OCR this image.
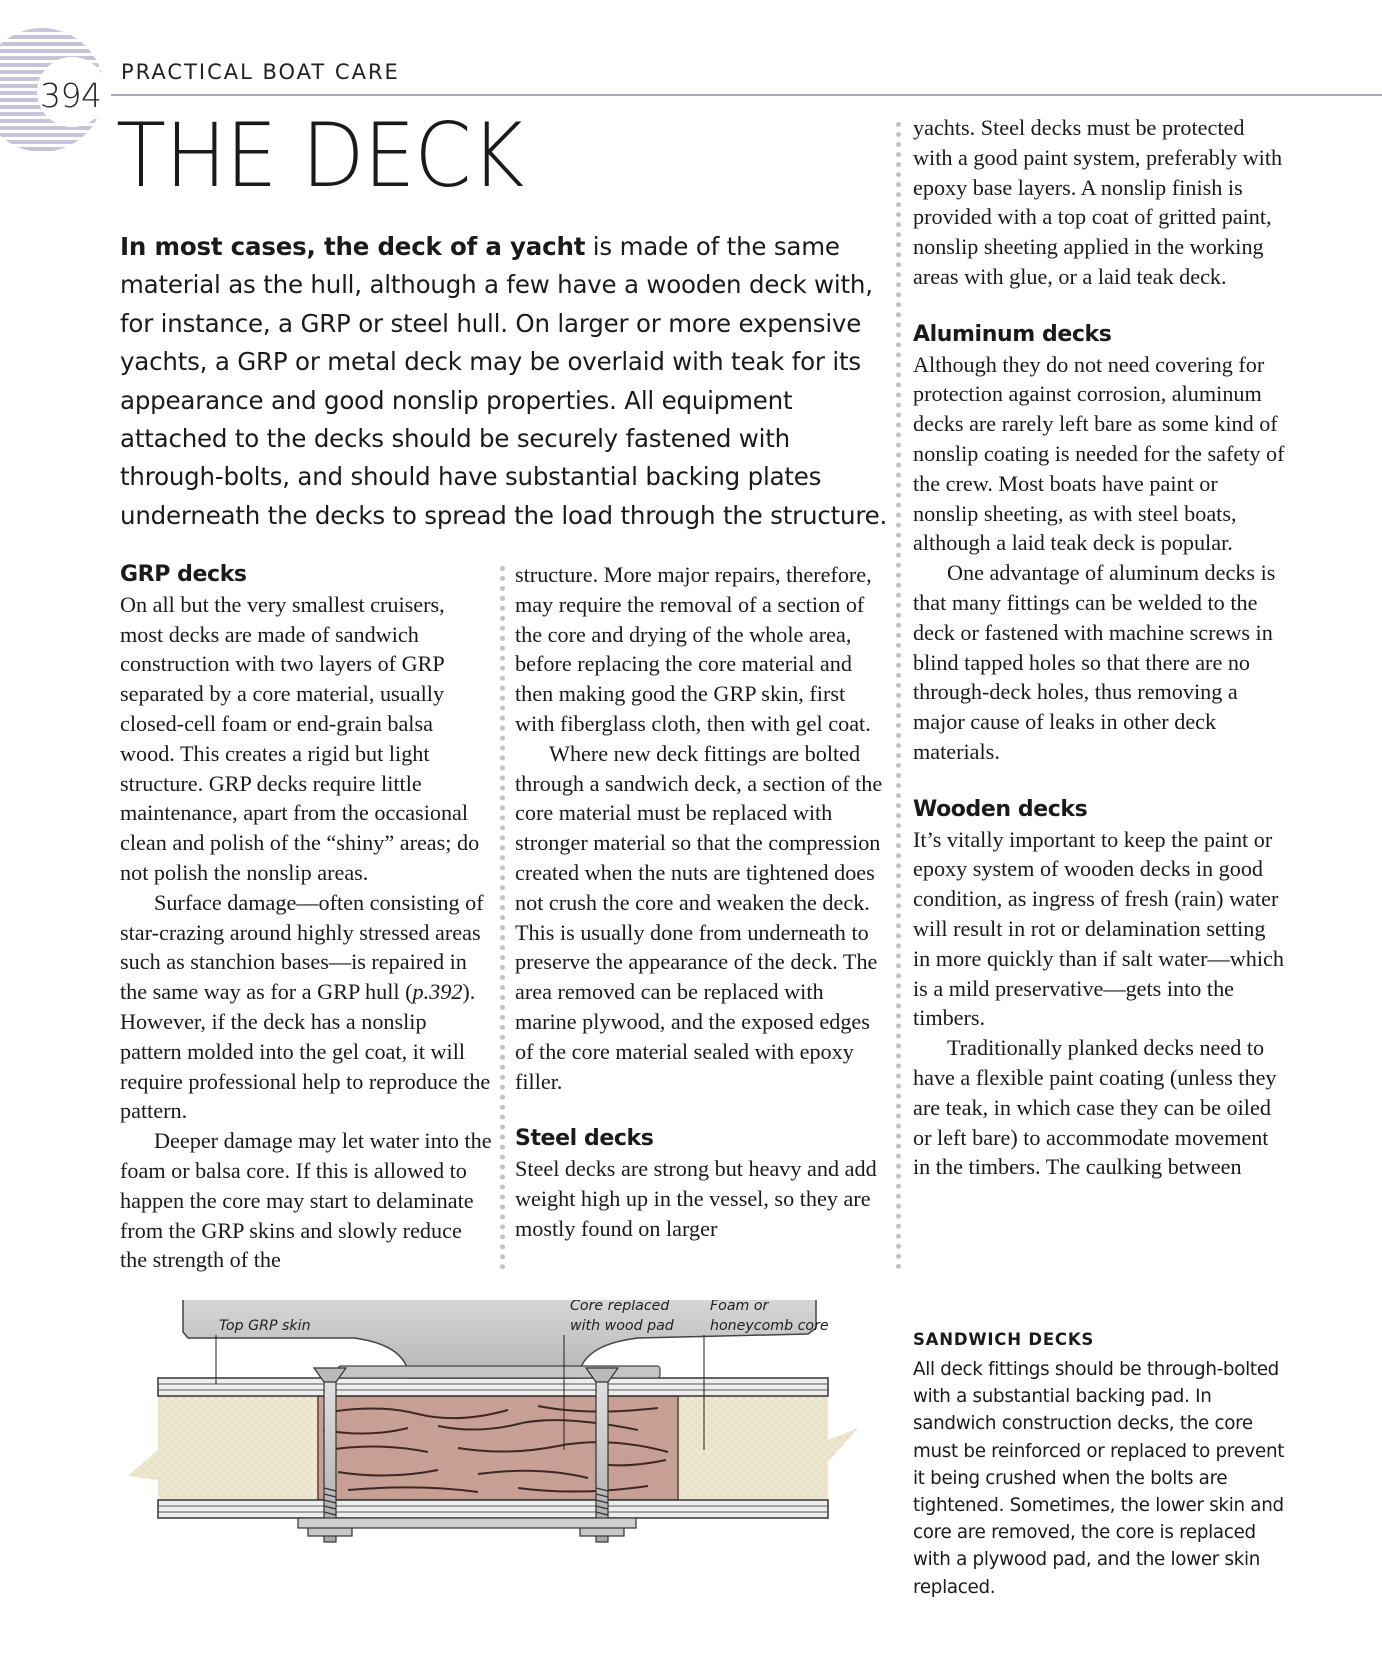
394
PRACTICAL BOAT CARE
THE DECK
In most cases, the deck of a yacht is made of the same material as the hull, although a few have a wooden deck with, for instance, a GRP or steel hull. On larger or more expensive yachts, a GRP or metal deck may be overlaid with teak for its appearance and good nonslip properties. All equipment attached to the decks should be securely fastened with through-bolts, and should have substantial backing plates underneath the decks to spread the load through the structure.
GRP decks

On all but the very smallest cruisers, most decks are made of sandwich construction with two layers of GRP separated by a core material, usually closed-cell foam or end-grain balsa wood. This creates a rigid but light structure. GRP decks require little maintenance, apart from the occasional clean and polish of the “shiny” areas; do not polish the nonslip areas.

Surface damage—often consisting of star-crazing around highly stressed areas such as stanchion bases—is repaired in the same way as for a GRP hull (p.392). However, if the deck has a nonslip pattern molded into the gel coat, it will require professional help to reproduce the pattern.

Deeper damage may let water into the foam or balsa core. If this is allowed to happen the core may start to delaminate from the GRP skins and slowly reduce the strength of the

structure. More major repairs, therefore, may require the removal of a section of the core and drying of the whole area, before replacing the core material and then making good the GRP skin, first with fiberglass cloth, then with gel coat.

Where new deck fittings are bolted through a sandwich deck, a section of the core material must be replaced with stronger material so that the compression created when the nuts are tightened does not crush the core and weaken the deck. This is usually done from underneath to preserve the appearance of the deck. The area removed can be replaced with marine plywood, and the exposed edges of the core material sealed with epoxy filler.

Steel decks

Steel decks are strong but heavy and add weight high up in the vessel, so they are mostly found on larger

yachts. Steel decks must be protected with a good paint system, preferably with epoxy base layers. A nonslip finish is provided with a top coat of gritted paint, nonslip sheeting applied in the working areas with glue, or a laid teak deck.

Aluminum decks

Although they do not need covering for protection against corrosion, aluminum decks are rarely left bare as some kind of nonslip coating is needed for the safety of the crew. Most boats have paint or nonslip sheeting, as with steel boats, although a laid teak deck is popular.

One advantage of aluminum decks is that many fittings can be welded to the deck or fastened with machine screws in blind tapped holes so that there are no through-deck holes, thus removing a major cause of leaks in other deck materials.

Wooden decks

It’s vitally important to keep the paint or epoxy system of wooden decks in good condition, as ingress of fresh (rain) water will result in rot or delamination setting in more quickly than if salt water—which is a mild preservative—gets into the timbers.

Traditionally planked decks need to have a flexible paint coating (unless they are teak, in which case they can be oiled or left bare) to accommodate movement in the timbers. The caulking between

Top GRP skin
Core replaced
with wood pad
Foam or
honeycomb core
SANDWICH DECKS
All deck fittings should be through-bolted with a substantial backing pad. In sandwich construction decks, the core must be reinforced or replaced to prevent it being crushed when the bolts are tightened. Sometimes, the lower skin and core are removed, the core is replaced with a plywood pad, and the lower skin replaced.
